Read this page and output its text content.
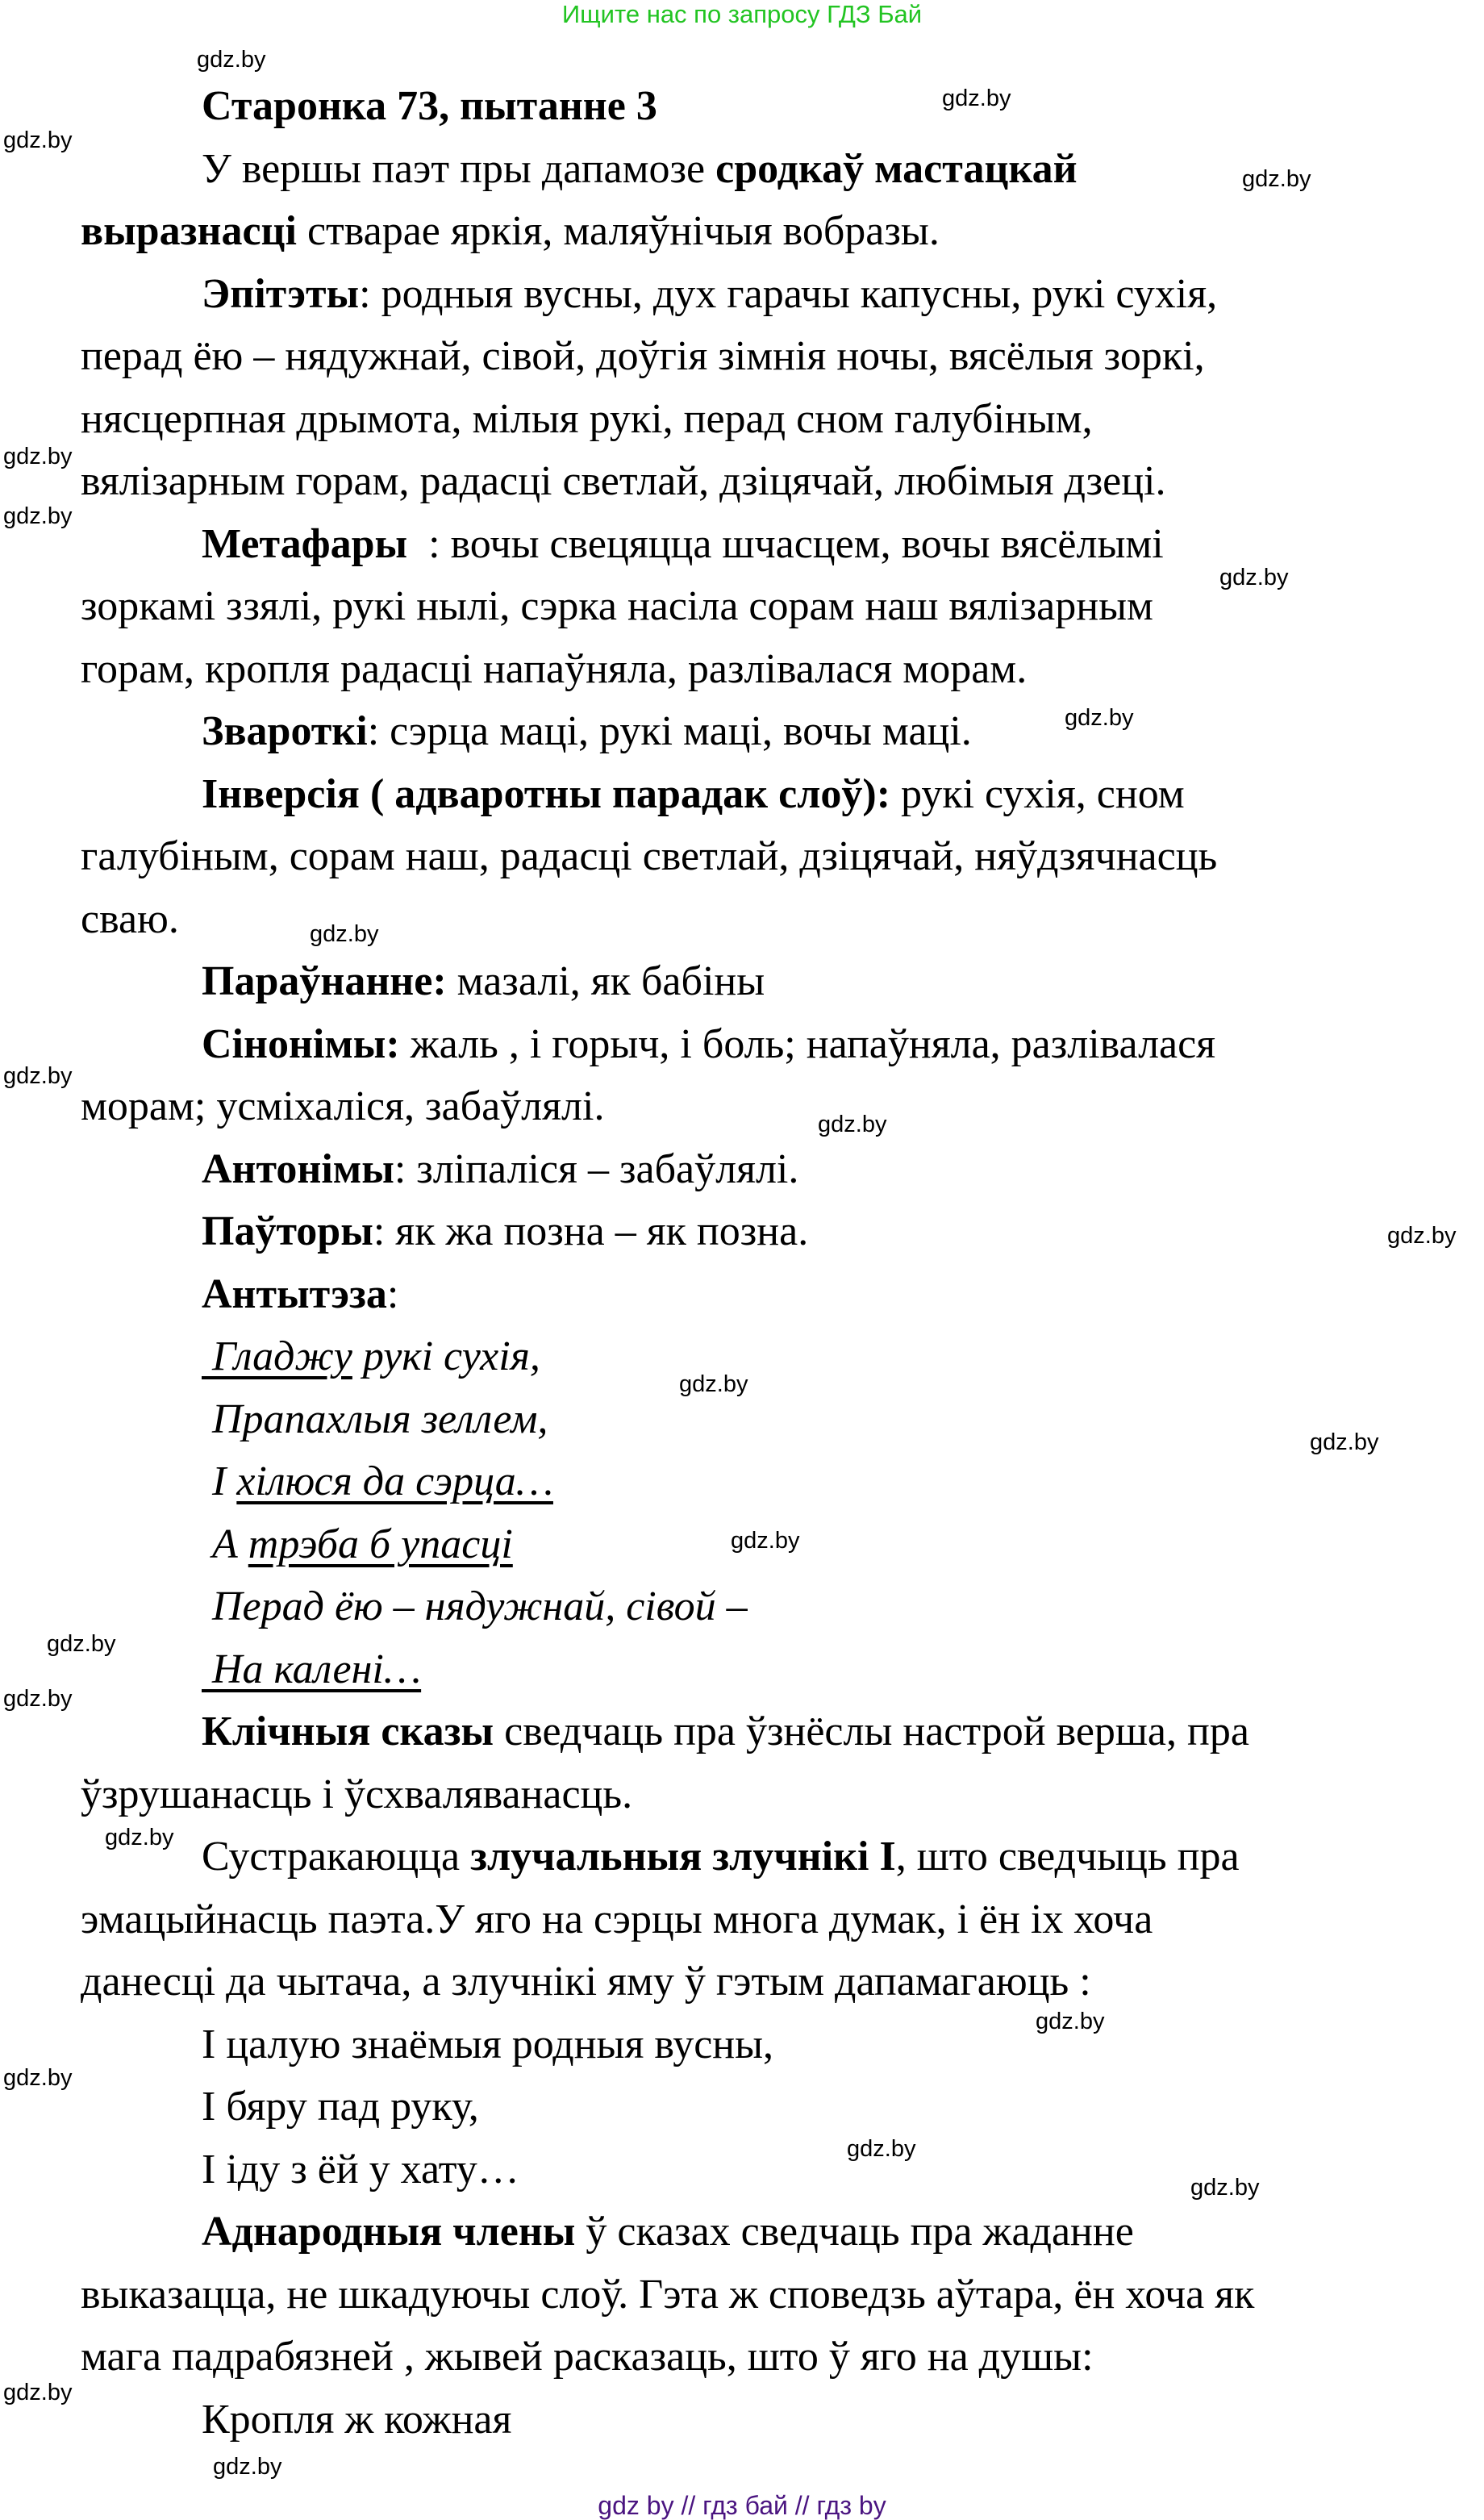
Ищите нас по запросу ГДЗ Бай
Старонка 73, пытанне 3
У вершы паэт пры дапамозе сродкаў мастацкай
выразнасці стварае яркія, маляўнічыя вобразы.
Эпітэты: родныя вусны, дух гарачы капусны, рукі сухія,
перад ёю – нядужнай, сівой, доўгія зімнія ночы, вясёлыя зоркі,
нясцерпная дрымота, мілыя рукі, перад сном галубіным,
вялізарным горам, радасці светлай, дзіцячай, любімыя дзеці.
Метафары  : вочы свецяцца шчасцем, вочы вясёлымі
зоркамі ззялі, рукі нылі, сэрка насіла сорам наш вялізарным
горам, кропля радасці напаўняла, разлівалася морам.
Звароткі: сэрца маці, рукі маці, вочы маці.
Інверсія ( адваротны парадак слоў): рукі сухія, сном
галубіным, сорам наш, радасці светлай, дзіцячай, няўдзячнасць
сваю.
Параўнанне: мазалі, як бабіны
Сінонімы: жаль , і горыч, і боль; напаўняла, разлівалася
морам; усміхаліся, забаўлялі.
Антонімы: зліпаліся – забаўлялі.
Паўторы: як жа позна – як позна.
Антытэза:
Гладжу рукі сухія,
Прапахлыя зеллем,
І хілюся да сэрца…
А трэба б упасці
Перад ёю – нядужнай, сівой –
На калені…
Клічныя сказы сведчаць пра ўзнёслы настрой верша, пра
ўзрушанасць і ўсхваляванасць.
Сустракаюцца злучальныя злучнікі І, што сведчыць пра
эмацыйнасць паэта.У яго на сэрцы многа думак, і ён іх хоча
данесці да чытача, а злучнікі яму ў гэтым дапамагаюць :
І цалую знаёмыя родныя вусны,
І бяру пад руку,
І іду з ёй у хату…
Аднародныя члены ў сказах сведчаць пра жаданне
выказацца, не шкадуючы слоў. Гэта ж споведзь аўтара, ён хоча як
мага падрабязней , жывей расказаць, што ў яго на душы:
Кропля ж кожная
gdz.by
gdz.by
gdz.by
gdz.by
gdz.by
gdz.by
gdz.by
gdz.by
gdz.by
gdz.by
gdz.by
gdz.by
gdz.by
gdz.by
gdz.by
gdz.by
gdz.by
gdz.by
gdz.by
gdz.by
gdz.by
gdz.by
gdz.by
gdz.by
gdz by // гдз бай // гдз by
